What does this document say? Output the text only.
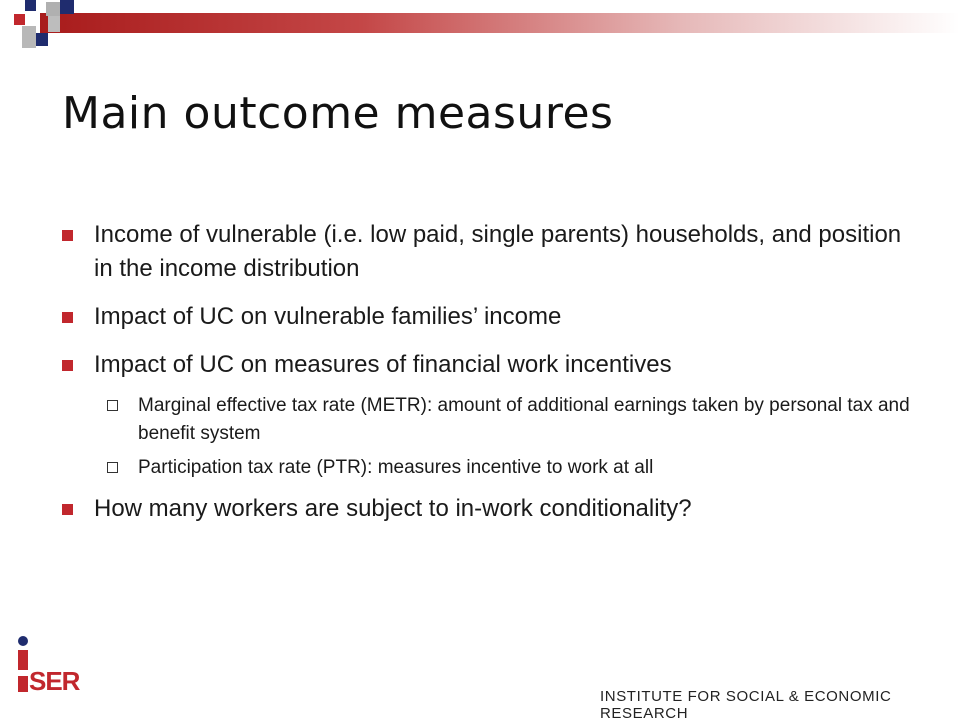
Main outcome measures
Income of vulnerable (i.e. low paid, single parents) households, and position in the income distribution
Impact of UC on vulnerable families’ income
Impact of UC on measures of financial work incentives
Marginal effective tax rate (METR): amount of additional earnings taken by personal tax and benefit system
Participation tax rate (PTR): measures incentive to work at all
How many workers are subject to in-work conditionality?
SER
INSTITUTE FOR SOCIAL & ECONOMIC RESEARCH
